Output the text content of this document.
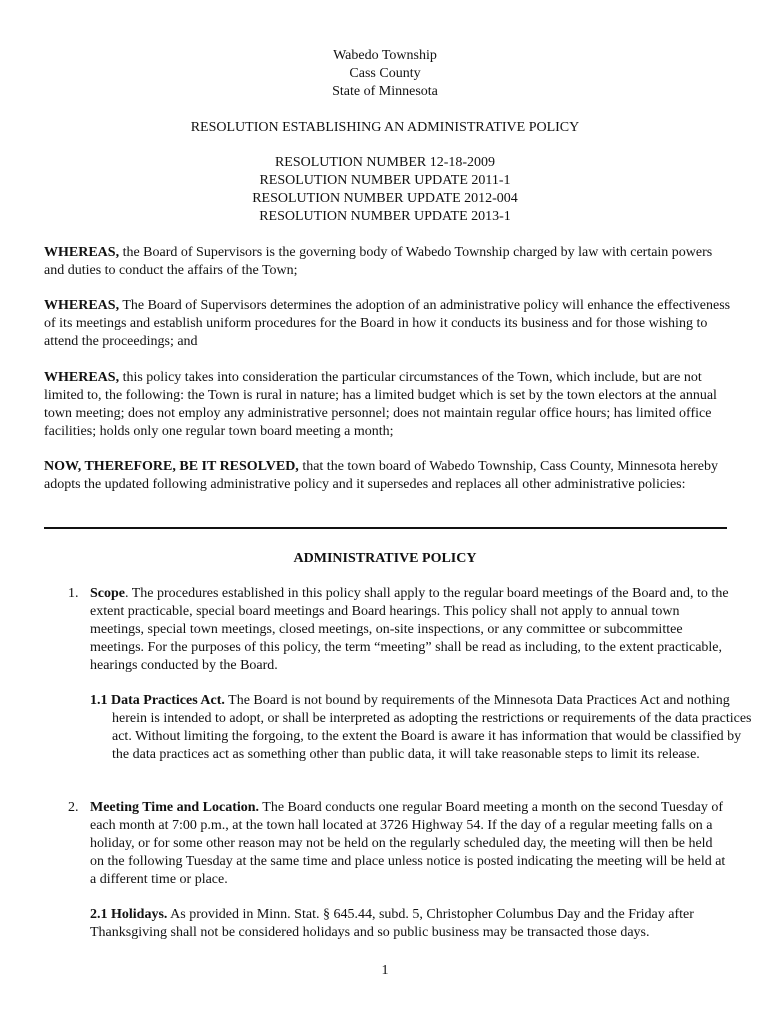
Wabedo Township

Cass County

State of Minnesota

RESOLUTION ESTABLISHING AN ADMINISTRATIVE POLICY

RESOLUTION NUMBER 12-18-2009

RESOLUTION NUMBER UPDATE 2011-1

RESOLUTION NUMBER UPDATE 2012-004

RESOLUTION NUMBER UPDATE 2013-1

WHEREAS, the Board of Supervisors is the governing body of Wabedo Township charged by law with certain powers and duties to conduct the affairs of the Town;

WHEREAS, The Board of Supervisors determines the adoption of an administrative policy will enhance the effectiveness of its meetings and establish uniform procedures for the Board in how it conducts its business and for those wishing to attend the proceedings; and

WHEREAS, this policy takes into consideration the particular circumstances of the Town, which include, but are not limited to, the following: the Town is rural in nature; has a limited budget which is set by the town electors at the annual town meeting; does not employ any administrative personnel; does not maintain regular office hours; has limited office facilities; holds only one regular town board meeting a month;

NOW, THEREFORE, BE IT RESOLVED, that the town board of Wabedo Township, Cass County, Minnesota hereby adopts the updated following administrative policy and it supersedes and replaces all other administrative policies:

ADMINISTRATIVE POLICY

1. Scope. The procedures established in this policy shall apply to the regular board meetings of the Board and, to the extent practicable, special board meetings and Board hearings. This policy shall not apply to annual town meetings, special town meetings, closed meetings, on-site inspections, or any committee or subcommittee meetings. For the purposes of this policy, the term “meeting” shall be read as including, to the extent practicable, hearings conducted by the Board.

1.1 Data Practices Act. The Board is not bound by requirements of the Minnesota Data Practices Act and nothing herein is intended to adopt, or shall be interpreted as adopting the restrictions or requirements of the data practices act. Without limiting the forgoing, to the extent the Board is aware it has information that would be classified by the data practices act as something other than public data, it will take reasonable steps to limit its release.

2. Meeting Time and Location. The Board conducts one regular Board meeting a month on the second Tuesday of each month at 7:00 p.m., at the town hall located at 3726 Highway 54. If the day of a regular meeting falls on a holiday, or for some other reason may not be held on the regularly scheduled day, the meeting will then be held on the following Tuesday at the same time and place unless notice is posted indicating the meeting will be held at a different time or place.

2.1 Holidays. As provided in Minn. Stat. § 645.44, subd. 5, Christopher Columbus Day and the Friday after Thanksgiving shall not be considered holidays and so public business may be transacted those days.

1
